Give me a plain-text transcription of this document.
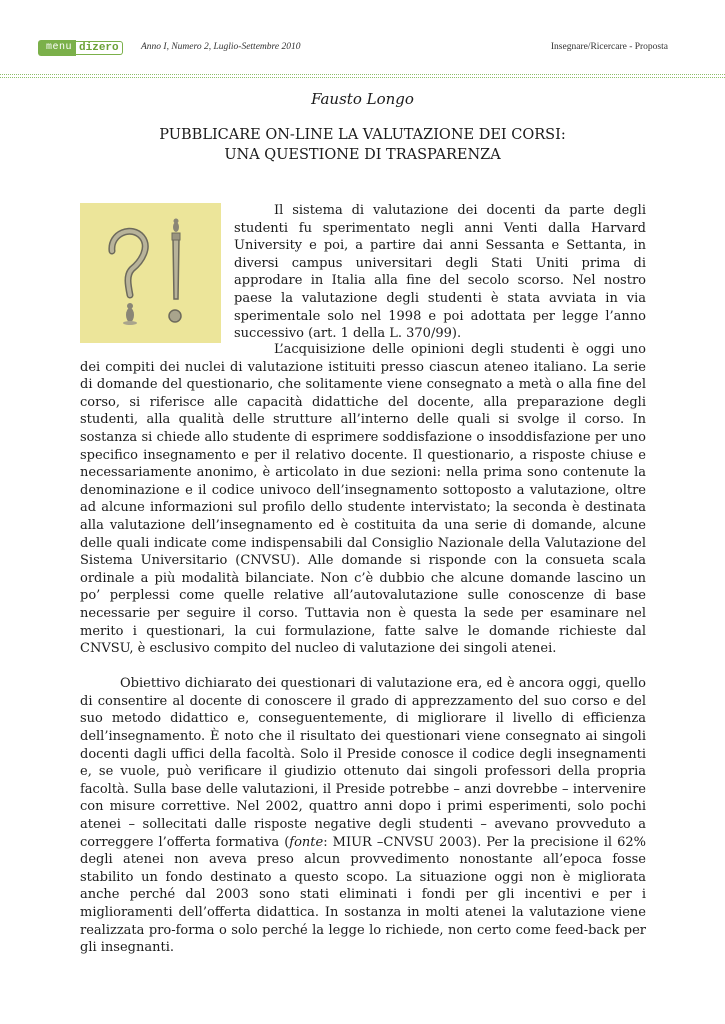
menu dizero	Anno I, Numero 2, Luglio-Settembre 2010	Insegnare/Ricercare - Proposta
Fausto Longo
PUBBLICARE ON-LINE LA VALUTAZIONE DEI CORSI:
UNA QUESTIONE DI TRASPARENZA

Il sistema di valutazione dei docenti da parte degli studenti fu sperimentato negli anni Venti dalla Harvard University e poi, a partire dai anni Sessanta e Settanta, in diversi campus universitari degli Stati Uniti prima di approdare in Italia alla fine del secolo scorso. Nel nostro paese la valutazione degli studenti è stata avviata in via sperimentale solo nel 1998 e poi adottata per legge l’anno successivo (art. 1 della L. 370/99).

L’acquisizione delle opinioni degli studenti è oggi uno dei compiti dei nuclei di valutazione istituiti presso ciascun ateneo italiano. La serie di domande del questionario, che solitamente viene consegnato a metà o alla fine del corso, si riferisce alle capacità didattiche del docente, alla preparazione degli studenti, alla qualità delle strutture all’interno delle quali si svolge il corso. In sostanza si chiede allo studente di esprimere soddisfazione o insoddisfazione per uno specifico insegnamento e per il relativo docente. Il questionario, a risposte chiuse e necessariamente anonimo, è articolato in due sezioni: nella prima sono contenute la denominazione e il codice univoco dell’insegnamento sottoposto a valutazione, oltre ad alcune informazioni sul profilo dello studente intervistato; la seconda è destinata alla valutazione dell’insegnamento ed è costituita da una serie di domande, alcune delle quali indicate come indispensabili dal Consiglio Nazionale della Valutazione del Sistema Universitario (CNVSU). Alle domande si risponde con la consueta scala ordinale a più modalità bilanciate. Non c’è dubbio che alcune domande lascino un po’ perplessi come quelle relative all’autovalutazione sulle conoscenze di base necessarie per seguire il corso. Tuttavia non è questa la sede per esaminare nel merito i questionari, la cui formulazione, fatte salve le domande richieste dal CNVSU, è esclusivo compito del nucleo di valutazione dei singoli atenei.

Obiettivo dichiarato dei questionari di valutazione era, ed è ancora oggi, quello di consentire al docente di conoscere il grado di apprezzamento del suo corso e del suo metodo didattico e, conseguentemente, di migliorare il livello di efficienza dell’insegnamento. È noto che il risultato dei questionari viene consegnato ai singoli docenti dagli uffici della facoltà. Solo il Preside conosce il codice degli insegnamenti e, se vuole, può verificare il giudizio ottenuto dai singoli professori della propria facoltà. Sulla base delle valutazioni, il Preside potrebbe – anzi dovrebbe – intervenire con misure correttive. Nel 2002, quattro anni dopo i primi esperimenti, solo pochi atenei – sollecitati dalle risposte negative degli studenti – avevano provveduto a correggere l’offerta formativa (fonte: MIUR –CNVSU 2003). Per la precisione il 62% degli atenei non aveva preso alcun provvedimento nonostante all’epoca fosse stabilito un fondo destinato a questo scopo. La situazione oggi non è migliorata anche perché dal 2003 sono stati eliminati i fondi per gli incentivi e per i miglioramenti dell’offerta didattica. In sostanza in molti atenei la valutazione viene realizzata pro-forma o solo perché la legge lo richiede, non certo come feed-back per gli insegnanti.
